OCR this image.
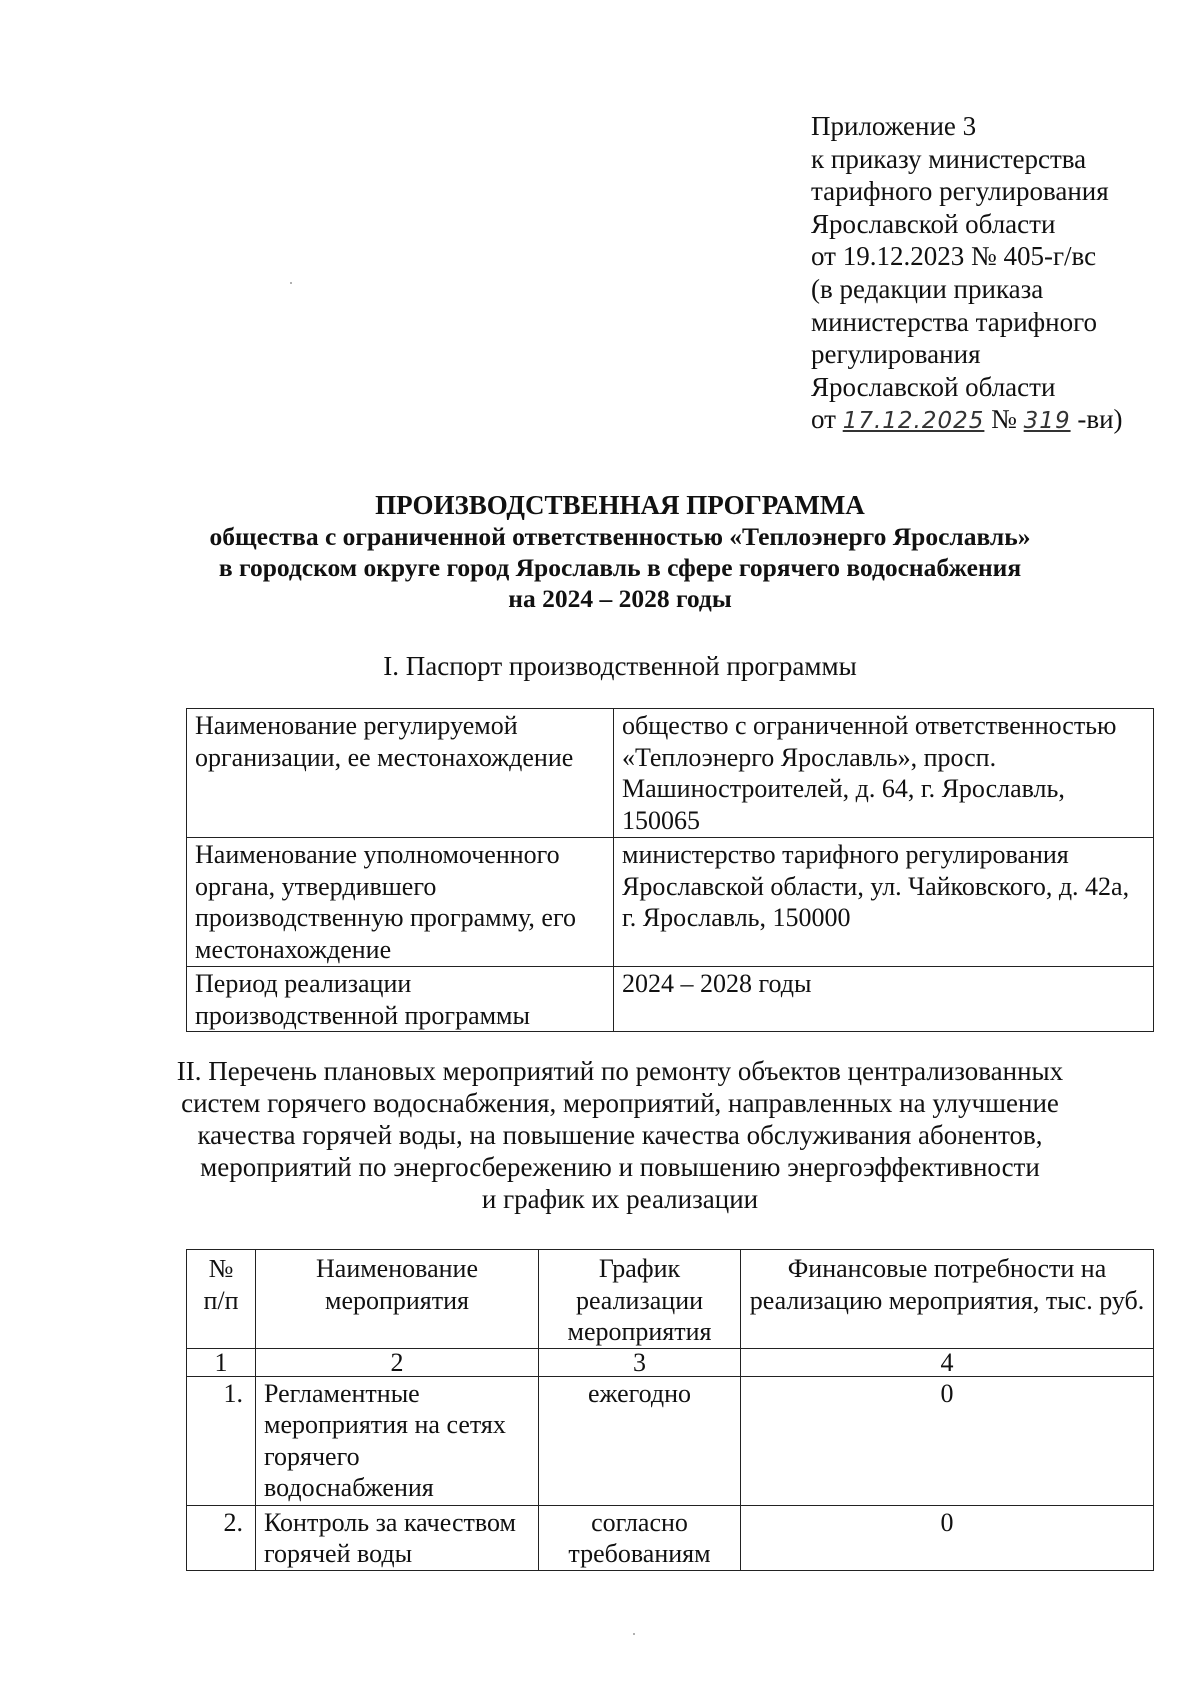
Приложение 3
к приказу министерства
тарифного регулирования
Ярославской области
от 19.12.2023 № 405-г/вс
(в редакции приказа
министерства тарифного
регулирования
Ярославской области
от 17.12.2025 № 319 -ви)
ПРОИЗВОДСТВЕННАЯ ПРОГРАММА
общества с ограниченной ответственностью «Теплоэнерго Ярославль»
в городском округе город Ярославль в сфере горячего водоснабжения
на 2024 – 2028 годы
I. Паспорт производственной программы
Наименование регулируемой организации, ее местонахождение	общество с ограниченной ответственностью «Теплоэнерго Ярославль», просп. Машиностроителей, д. 64, г. Ярославль, 150065
Наименование уполномоченного органа, утвердившего производственную программу, его местонахождение	министерство тарифного регулирования Ярославской области, ул. Чайковского, д. 42а, г. Ярославль, 150000
Период реализации производственной программы	2024 – 2028 годы
II. Перечень плановых мероприятий по ремонту объектов централизованных
систем горячего водоснабжения, мероприятий, направленных на улучшение
качества горячей воды, на повышение качества обслуживания абонентов,
мероприятий по энергосбережению и повышению энергоэффективности
и график их реализации
№ п/п	Наименование мероприятия	График реализации мероприятия	Финансовые потребности на реализацию мероприятия, тыс. руб.
1	2	3	4
1.	Регламентные мероприятия на сетях горячего водоснабжения	ежегодно	0
2.	Контроль за качеством горячей воды	согласно требованиям	0
